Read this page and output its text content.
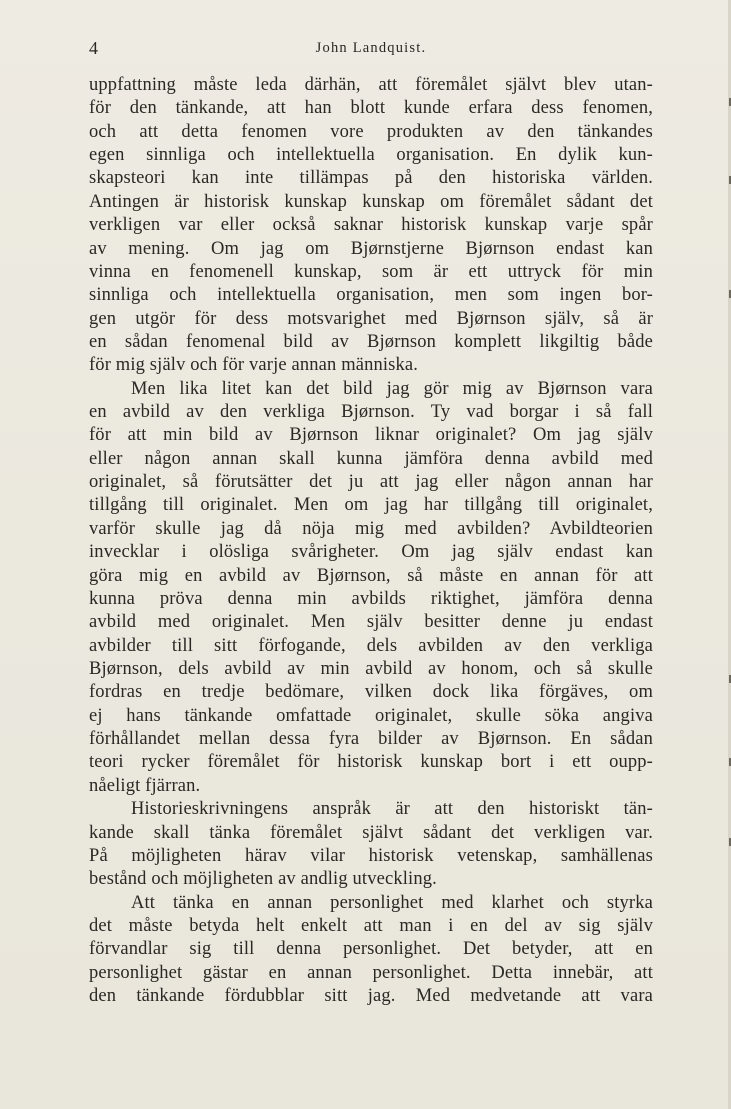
4	John Landquist.
uppfattning måste leda därhän, att föremålet självt blev utan-
för den tänkande, att han blott kunde erfara dess fenomen,
och att detta fenomen vore produkten av den tänkandes
egen sinnliga och intellektuella organisation. En dylik kun-
skapsteori kan inte tillämpas på den historiska världen.
Antingen är historisk kunskap kunskap om föremålet sådant det
verkligen var eller också saknar historisk kunskap varje spår
av mening. Om jag om Bjørnstjerne Bjørnson endast kan
vinna en fenomenell kunskap, som är ett uttryck för min
sinnliga och intellektuella organisation, men som ingen bor-
gen utgör för dess motsvarighet med Bjørnson själv, så är
en sådan fenomenal bild av Bjørnson komplett likgiltig både
för mig själv och för varje annan människa.
Men lika litet kan det bild jag gör mig av Bjørnson vara
en avbild av den verkliga Bjørnson. Ty vad borgar i så fall
för att min bild av Bjørnson liknar originalet? Om jag själv
eller någon annan skall kunna jämföra denna avbild med
originalet, så förutsätter det ju att jag eller någon annan har
tillgång till originalet. Men om jag har tillgång till originalet,
varför skulle jag då nöja mig med avbilden? Avbildteorien
invecklar i olösliga svårigheter. Om jag själv endast kan
göra mig en avbild av Bjørnson, så måste en annan för att
kunna pröva denna min avbilds riktighet, jämföra denna
avbild med originalet. Men själv besitter denne ju endast
avbilder till sitt förfogande, dels avbilden av den verkliga
Bjørnson, dels avbild av min avbild av honom, och så skulle
fordras en tredje bedömare, vilken dock lika förgäves, om
ej hans tänkande omfattade originalet, skulle söka angiva
förhållandet mellan dessa fyra bilder av Bjørnson. En sådan
teori rycker föremålet för historisk kunskap bort i ett oupp-
nåeligt fjärran.
Historieskrivningens anspråk är att den historiskt tän-
kande skall tänka föremålet självt sådant det verkligen var.
På möjligheten härav vilar historisk vetenskap, samhällenas
bestånd och möjligheten av andlig utveckling.
Att tänka en annan personlighet med klarhet och styrka
det måste betyda helt enkelt att man i en del av sig själv
förvandlar sig till denna personlighet. Det betyder, att en
personlighet gästar en annan personlighet. Detta innebär, att
den tänkande fördubblar sitt jag. Med medvetande att vara
